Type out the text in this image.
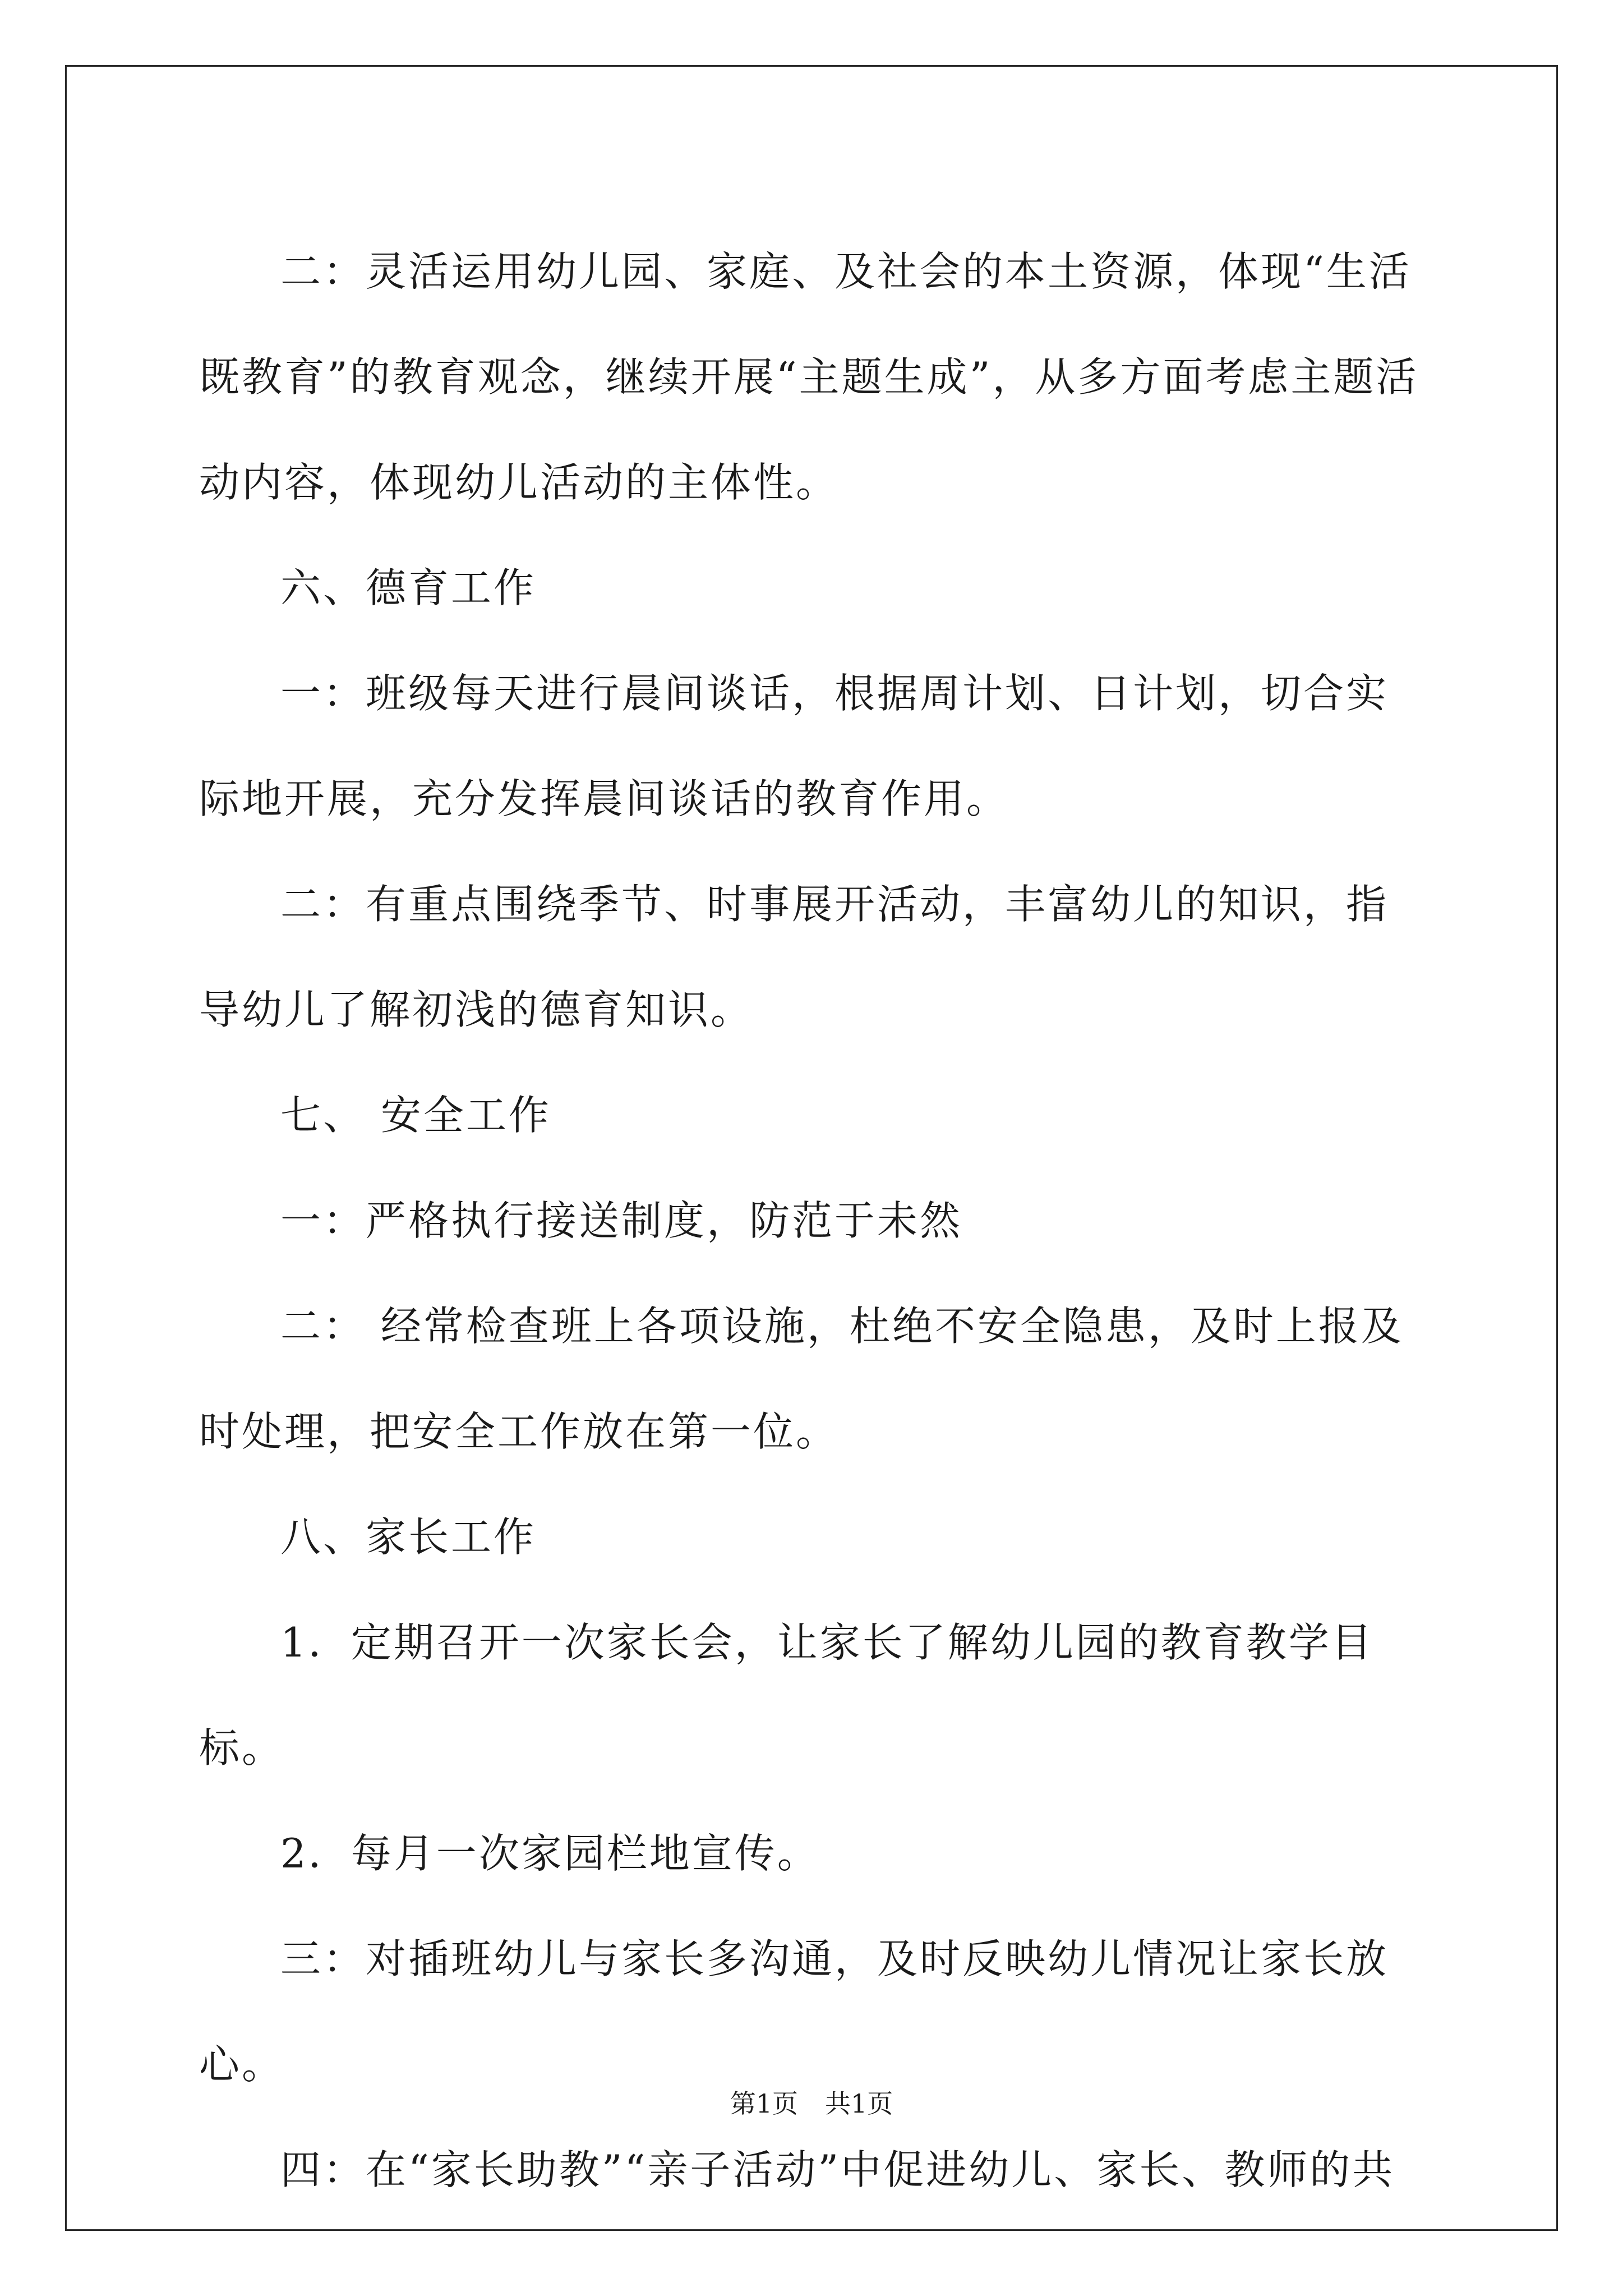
二：灵活运用幼儿园、家庭、及社会的本土资源，体现“生活既教育”的教育观念，继续开展“主题生成”，从多方面考虑主题活动内容，体现幼儿活动的主体性。

六、德育工作

一：班级每天进行晨间谈话，根据周计划、日计划，切合实际地开展，充分发挥晨间谈话的教育作用。

二：有重点围绕季节、时事展开活动，丰富幼儿的知识，指导幼儿了解初浅的德育知识。

七、 安全工作

一：严格执行接送制度，防范于未然

二： 经常检查班上各项设施，杜绝不安全隐患，及时上报及时处理，把安全工作放在第一位。

八、家长工作

1．定期召开一次家长会，让家长了解幼儿园的教育教学目标。

2．每月一次家园栏地宣传。

三：对插班幼儿与家长多沟通，及时反映幼儿情况让家长放心。

四：在“家长助教”“亲子活动”中促进幼儿、家长、教师的共

第1页 共1页
